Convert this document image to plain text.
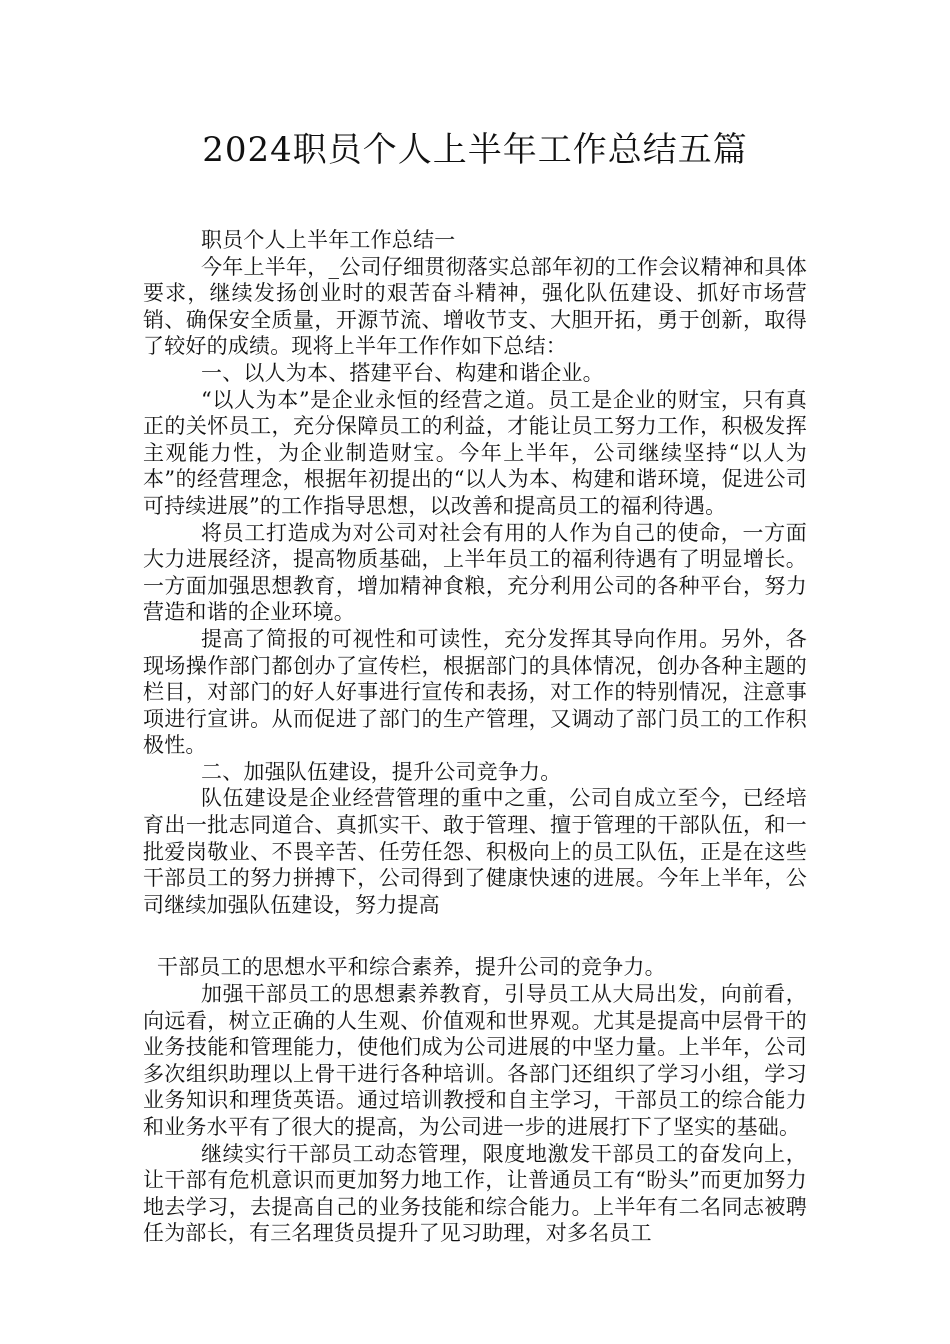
2024职员个人上半年工作总结五篇

职员个人上半年工作总结一

今年上半年，_公司仔细贯彻落实总部年初的工作会议精神和具体要求，继续发扬创业时的艰苦奋斗精神，强化队伍建设、抓好市场营销、确保安全质量，开源节流、增收节支、大胆开拓，勇于创新，取得了较好的成绩。现将上半年工作作如下总结：

一、以人为本、搭建平台、构建和谐企业。

“以人为本”是企业永恒的经营之道。员工是企业的财宝，只有真正的关怀员工，充分保障员工的利益，才能让员工努力工作，积极发挥主观能力性，为企业制造财宝。今年上半年，公司继续坚持“以人为本”的经营理念，根据年初提出的“以人为本、构建和谐环境，促进公司可持续进展”的工作指导思想，以改善和提高员工的福利待遇。

将员工打造成为对公司对社会有用的人作为自己的使命，一方面大力进展经济，提高物质基础，上半年员工的福利待遇有了明显增长。一方面加强思想教育，增加精神食粮，充分利用公司的各种平台，努力营造和谐的企业环境。

提高了简报的可视性和可读性，充分发挥其导向作用。另外，各现场操作部门都创办了宣传栏，根据部门的具体情况，创办各种主题的栏目，对部门的好人好事进行宣传和表扬，对工作的特别情况，注意事项进行宣讲。从而促进了部门的生产管理，又调动了部门员工的工作积极性。

二、加强队伍建设，提升公司竞争力。

队伍建设是企业经营管理的重中之重，公司自成立至今，已经培育出一批志同道合、真抓实干、敢于管理、擅于管理的干部队伍，和一批爱岗敬业、不畏辛苦、任劳任怨、积极向上的员工队伍，正是在这些干部员工的努力拼搏下，公司得到了健康快速的进展。今年上半年，公司继续加强队伍建设，努力提高

干部员工的思想水平和综合素养，提升公司的竞争力。

加强干部员工的思想素养教育，引导员工从大局出发，向前看，向远看，树立正确的人生观、价值观和世界观。尤其是提高中层骨干的业务技能和管理能力，使他们成为公司进展的中坚力量。上半年，公司多次组织助理以上骨干进行各种培训。各部门还组织了学习小组，学习业务知识和理货英语。通过培训教授和自主学习，干部员工的综合能力和业务水平有了很大的提高，为公司进一步的进展打下了坚实的基础。

继续实行干部员工动态管理，限度地激发干部员工的奋发向上，让干部有危机意识而更加努力地工作，让普通员工有“盼头”而更加努力地去学习，去提高自己的业务技能和综合能力。上半年有二名同志被聘任为部长，有三名理货员提升了见习助理，对多名员工
